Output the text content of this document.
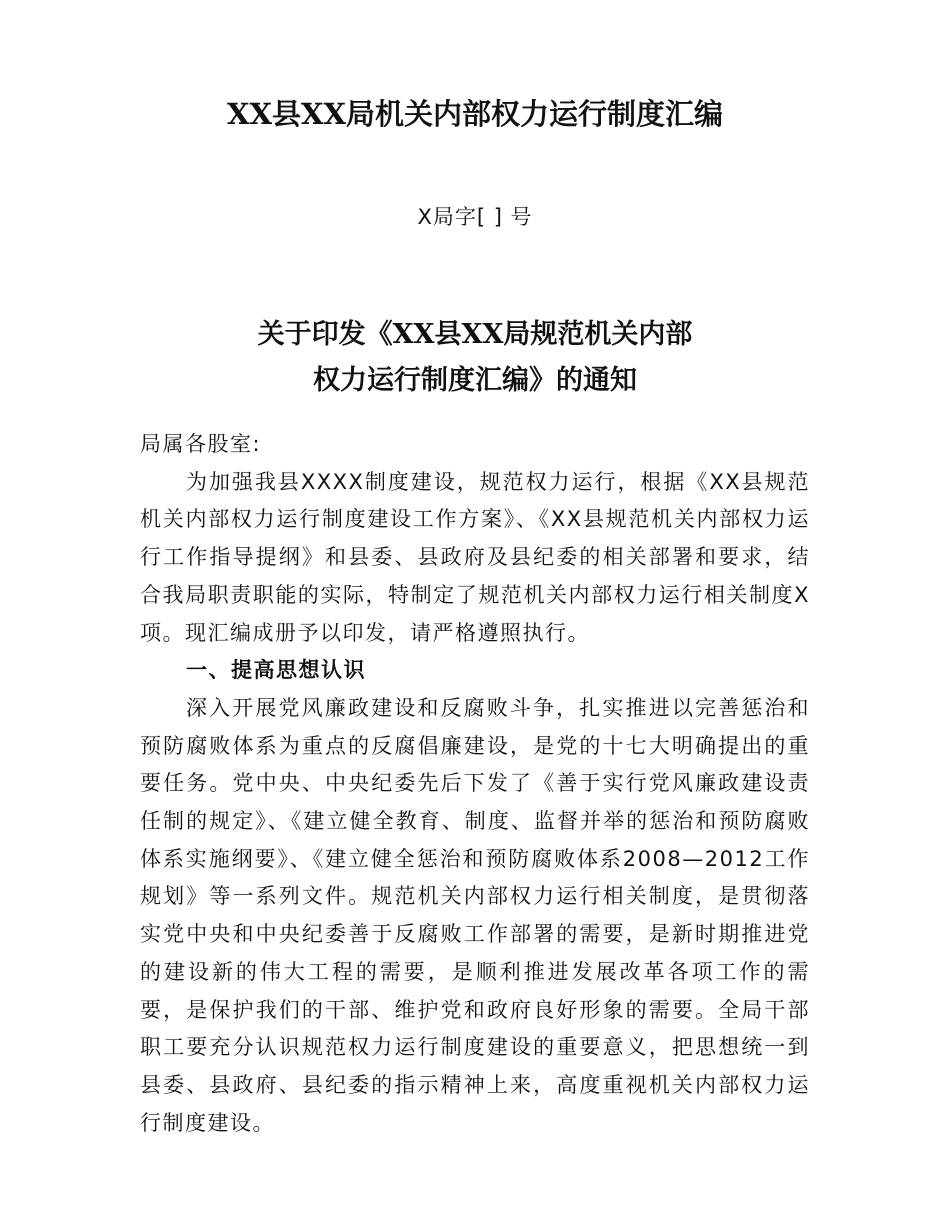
XX县XX局机关内部权力运行制度汇编
X局字[ ] 号
关于印发《XX县XX局规范机关内部
权力运行制度汇编》的通知

局属各股室:

为加强我县XXXX制度建设，规范权力运行，根据《XX县规范机关内部权力运行制度建设工作方案》、《XX县规范机关内部权力运行工作指导提纲》和县委、县政府及县纪委的相关部署和要求，结合我局职责职能的实际，特制定了规范机关内部权力运行相关制度X项。现汇编成册予以印发，请严格遵照执行。

一、提高思想认识

深入开展党风廉政建设和反腐败斗争，扎实推进以完善惩治和预防腐败体系为重点的反腐倡廉建设，是党的十七大明确提出的重要任务。党中央、中央纪委先后下发了《善于实行党风廉政建设责任制的规定》、《建立健全教育、制度、监督并举的惩治和预防腐败体系实施纲要》、《建立健全惩治和预防腐败体系2008—2012工作规划》等一系列文件。规范机关内部权力运行相关制度，是贯彻落实党中央和中央纪委善于反腐败工作部署的需要，是新时期推进党的建设新的伟大工程的需要，是顺利推进发展改革各项工作的需要，是保护我们的干部、维护党和政府良好形象的需要。全局干部职工要充分认识规范权力运行制度建设的重要意义，把思想统一到县委、县政府、县纪委的指示精神上来，高度重视机关内部权力运行制度建设。
